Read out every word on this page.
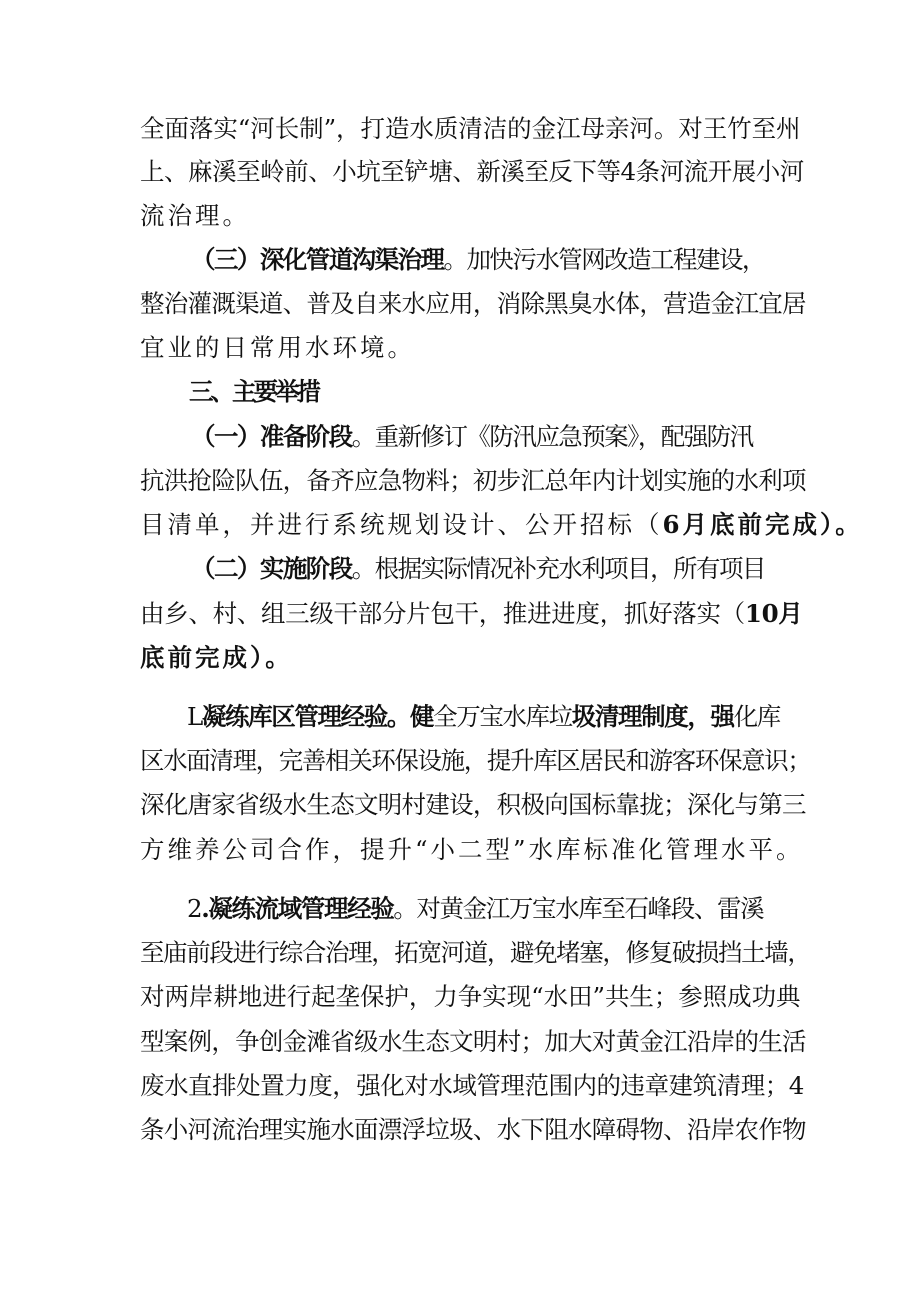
全面落实“河长制”，打造水质清洁的金江母亲河。对王竹至州
上、麻溪至岭前、小坑至铲塘、新溪至反下等4条河流开展小河
流治理。
（三）深化管道沟渠治理。加快污水管网改造工程建设，
整治灌溉渠道、普及自来水应用，消除黑臭水体，营造金江宜居
宜业的日常用水环境。
三、主要举措
（一）准备阶段。重新修订《防汛应急预案》，配强防汛
抗洪抢险队伍，备齐应急物料；初步汇总年内计划实施的水利项
目清单，并进行系统规划设计、公开招标（6月底前完成）。
（二）实施阶段。根据实际情况补充水利项目，所有项目
由乡、村、组三级干部分片包干，推进进度，抓好落实（10月
底前完成）。
L凝练库区管理经验。健全万宝水库垃圾清理制度，强化库
区水面清理，完善相关环保设施，提升库区居民和游客环保意识；
深化唐家省级水生态文明村建设，积极向国标靠拢；深化与第三
方维养公司合作，提升“小二型”水库标准化管理水平。
2.凝练流域管理经验。对黄金江万宝水库至石峰段、雷溪
至庙前段进行综合治理，拓宽河道，避免堵塞，修复破损挡土墙，
对两岸耕地进行起垄保护，力争实现“水田”共生；参照成功典
型案例，争创金滩省级水生态文明村；加大对黄金江沿岸的生活
废水直排处置力度，强化对水域管理范围内的违章建筑清理；4
条小河流治理实施水面漂浮垃圾、水下阻水障碍物、沿岸农作物
